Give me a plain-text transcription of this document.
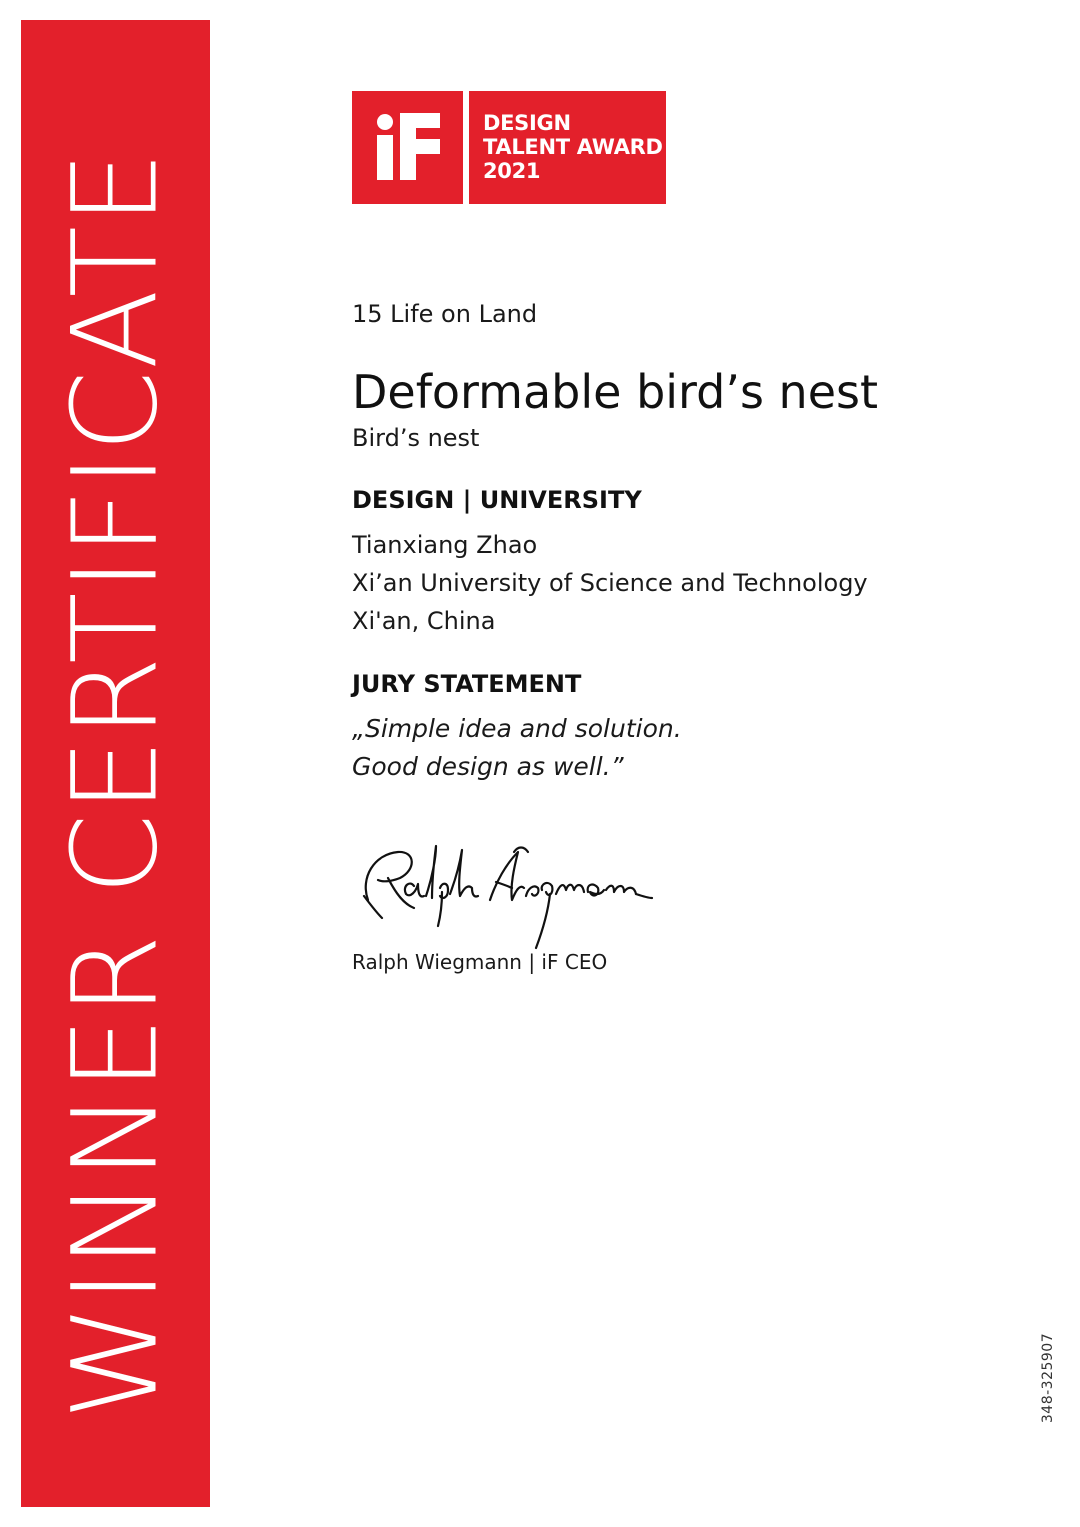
WINNER CERTIFICATE
DESIGN
TALENT AWARD
2021
15 Life on Land
Deformable bird’s nest
Bird’s nest
DESIGN | UNIVERSITY
Tianxiang Zhao
Xi’an University of Science and Technology
Xi'an, China
JURY STATEMENT
„Simple idea and solution.
Good design as well.”
Ralph Wiegmann | iF CEO
348-325907
